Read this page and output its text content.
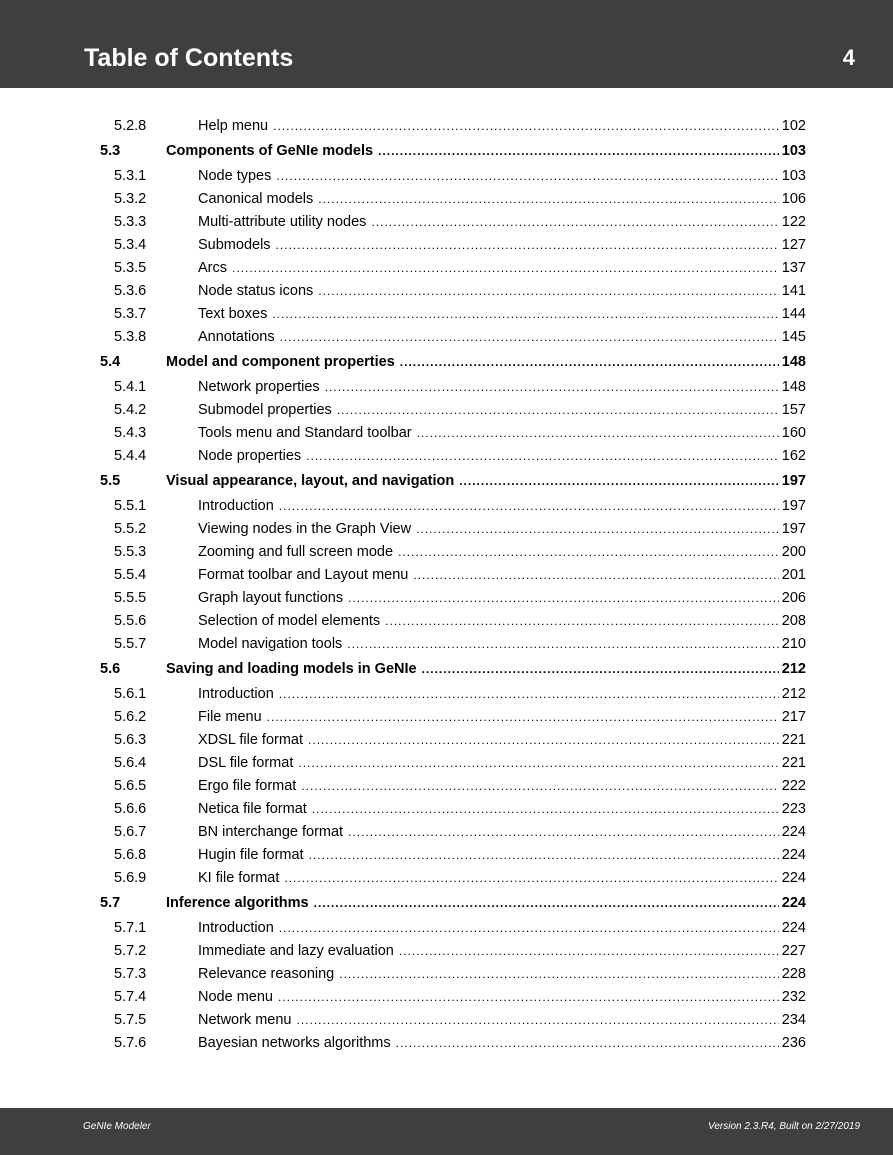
Table of Contents	4
5.2.8	Help menu .....	102
5.3	Components of GeNIe models .....	103
5.3.1	Node types .....	103
5.3.2	Canonical models .....	106
5.3.3	Multi-attribute utility nodes .....	122
5.3.4	Submodels .....	127
5.3.5	Arcs .....	137
5.3.6	Node status icons .....	141
5.3.7	Text boxes .....	144
5.3.8	Annotations .....	145
5.4	Model and component properties .....	148
5.4.1	Network properties .....	148
5.4.2	Submodel properties .....	157
5.4.3	Tools menu and Standard toolbar .....	160
5.4.4	Node properties .....	162
5.5	Visual appearance, layout, and navigation .....	197
5.5.1	Introduction .....	197
5.5.2	Viewing nodes in the Graph View .....	197
5.5.3	Zooming and full screen mode .....	200
5.5.4	Format toolbar and Layout menu .....	201
5.5.5	Graph layout functions .....	206
5.5.6	Selection of model elements .....	208
5.5.7	Model navigation tools .....	210
5.6	Saving and loading models in GeNIe .....	212
5.6.1	Introduction .....	212
5.6.2	File menu .....	217
5.6.3	XDSL file format .....	221
5.6.4	DSL file format .....	221
5.6.5	Ergo file format .....	222
5.6.6	Netica file format .....	223
5.6.7	BN interchange format .....	224
5.6.8	Hugin file format .....	224
5.6.9	KI file format .....	224
5.7	Inference algorithms .....	224
5.7.1	Introduction .....	224
5.7.2	Immediate and lazy evaluation .....	227
5.7.3	Relevance reasoning .....	228
5.7.4	Node menu .....	232
5.7.5	Network menu .....	234
5.7.6	Bayesian networks algorithms .....	236
GeNIe Modeler	Version 2.3.R4, Built on 2/27/2019
